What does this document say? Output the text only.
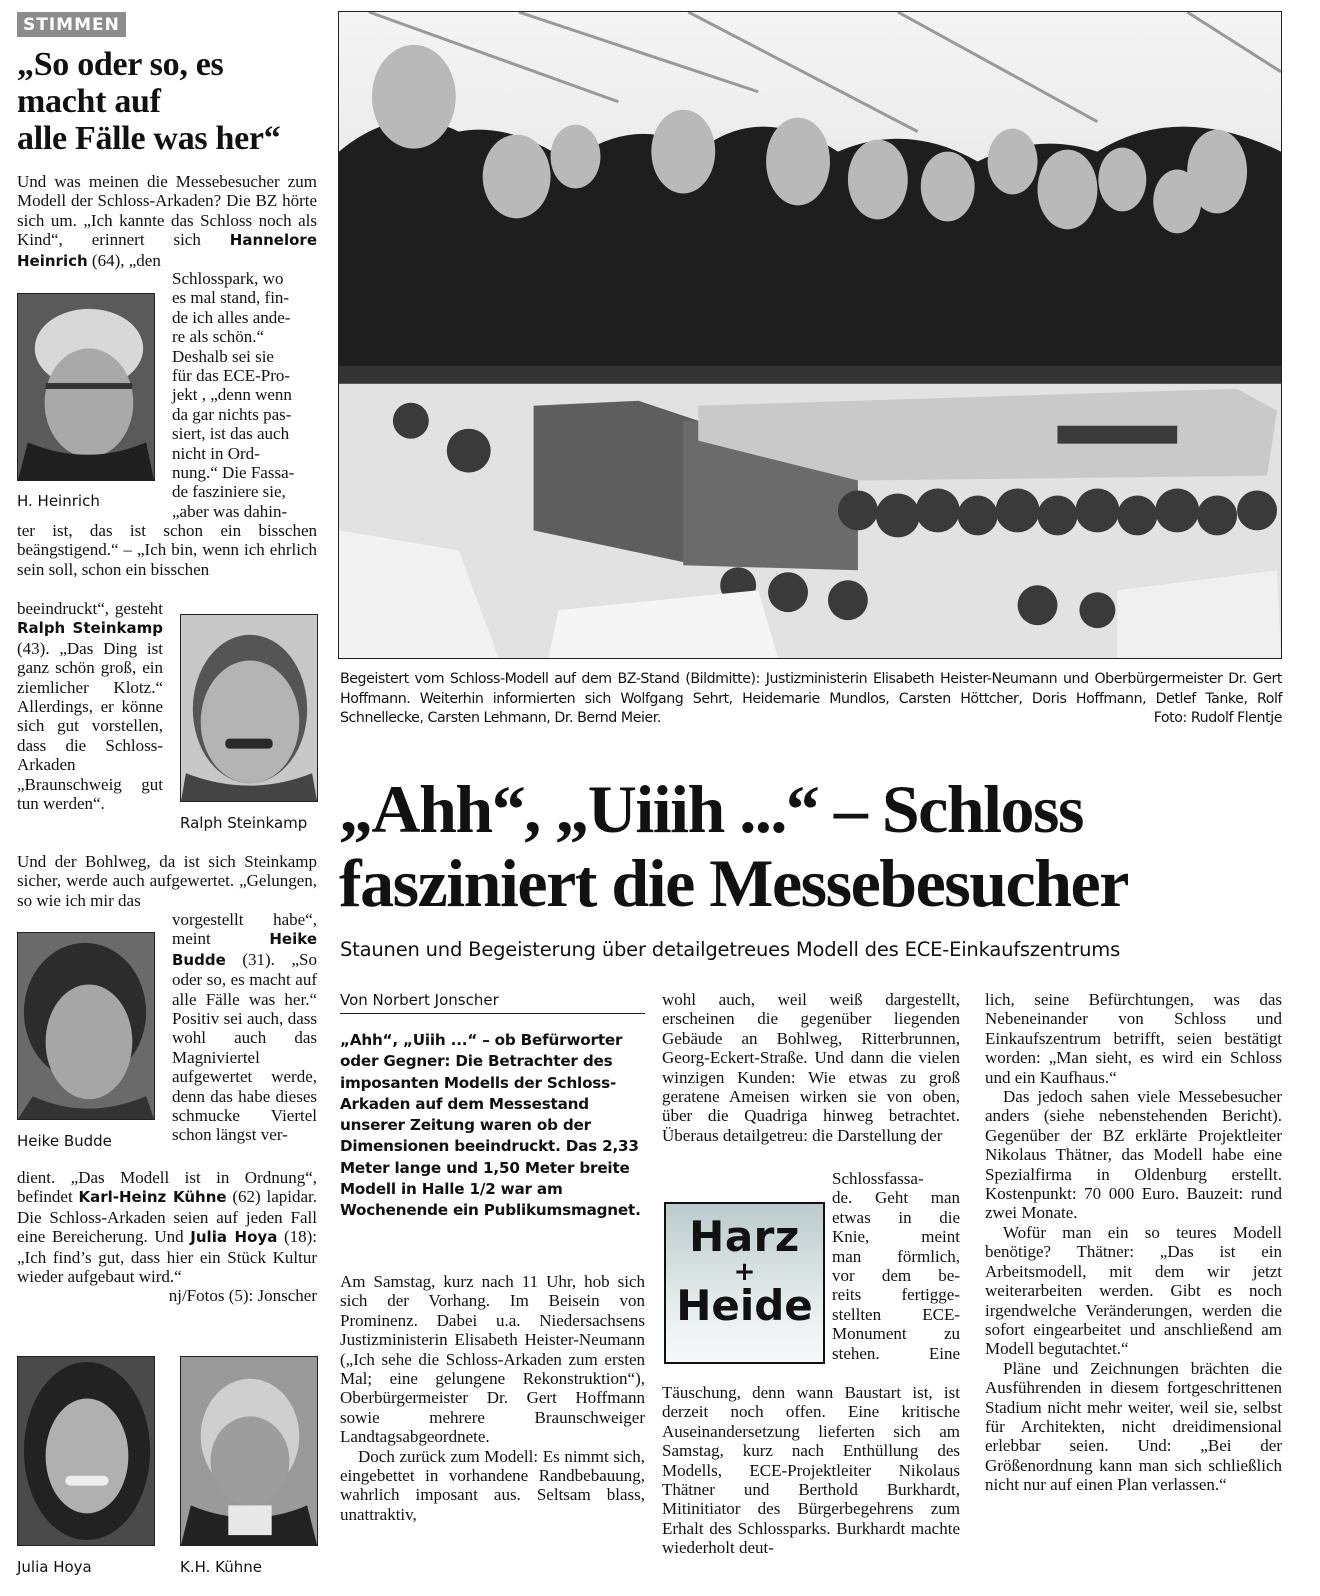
STIMMEN
„So oder so, es
macht auf
alle Fälle was her“
Und was meinen die Messebesucher zum Modell der Schloss-Arkaden? Die BZ hörte sich um. „Ich kannte das Schloss noch als Kind“, erinnert sich Hannelore Heinrich (64), „den
H. Heinrich
Schlosspark, wo
es mal stand, fin-
de ich alles ande-
re als schön.“
Deshalb sei sie
für das ECE-Pro-
jekt , „denn wenn
da gar nichts pas-
siert, ist das auch
nicht in Ord-
nung.“ Die Fassa-
de fasziniere sie,
„aber was dahin-
ter ist, das ist schon ein bisschen beängstigend.“ – „Ich bin, wenn ich ehrlich sein soll, schon ein bisschen
beeindruckt“, gesteht Ralph Steinkamp (43). „Das Ding ist ganz schön groß, ein ziemlicher Klotz.“ Allerdings, er könne sich gut vorstellen, dass die Schloss-Arkaden „Braunschweig gut tun werden“.
Ralph Steinkamp
Und der Bohlweg, da ist sich Steinkamp sicher, werde auch aufgewertet. „Gelungen, so wie ich mir das
Heike Budde
vorgestellt habe“, meint Heike Budde (31). „So oder so, es macht auf alle Fälle was her.“ Positiv sei auch, dass wohl auch das Magniviertel aufgewertet werde, denn das habe dieses schmucke Viertel schon längst ver-
dient. „Das Modell ist in Ordnung“, befindet Karl-Heinz Kühne (62) lapidar. Die Schloss-Arkaden seien auf jeden Fall eine Bereicherung. Und Julia Hoya (18): „Ich find’s gut, dass hier ein Stück Kultur wieder aufgebaut wird.“
nj/Fotos (5): Jonscher
Julia Hoya	K.H. Kühne
Begeistert vom Schloss-Modell auf dem BZ-Stand (Bildmitte): Justizministerin Elisabeth Heister-Neumann und Oberbürgermeister Dr. Gert Hoffmann. Weiterhin informierten sich Wolfgang Sehrt, Heidemarie Mundlos, Carsten Höttcher, Doris Hoffmann, Detlef Tanke, Rolf Schnellecke, Carsten Lehmann, Dr. Bernd Meier.	Foto: Rudolf Flentje
„Ahh“, „Uiiih ...“ – Schloss
fasziniert die Messebesucher
Staunen und Begeisterung über detailgetreues Modell des ECE-Einkaufszentrums
Von Norbert Jonscher
„Ahh“, „Uiih ...“ – ob Befürworter oder Gegner: Die Betrachter des imposanten Modells der Schloss-Arkaden auf dem Messestand unserer Zeitung waren ob der Dimensionen beeindruckt. Das 2,33 Meter lange und 1,50 Meter breite Modell in Halle 1/2 war am Wochenende ein Publikumsmagnet.

Am Samstag, kurz nach 11 Uhr, hob sich sich der Vorhang. Im Beisein von Prominenz. Dabei u.a. Niedersachsens Justizministerin Elisabeth Heister-Neumann („Ich sehe die Schloss-Arkaden zum ersten Mal; eine gelungene Rekonstruktion“), Oberbürgermeister Dr. Gert Hoffmann sowie mehrere Braunschweiger Landtagsabgeordnete.

Doch zurück zum Modell: Es nimmt sich, eingebettet in vorhandene Randbebauung, wahrlich imposant aus. Seltsam blass, unattraktiv,

wohl auch, weil weiß dargestellt, erscheinen die gegenüber liegenden Gebäude an Bohlweg, Ritterbrunnen, Georg-Eckert-Straße. Und dann die vielen winzigen Kunden: Wie etwas zu groß geratene Ameisen wirken sie von oben, über die Quadriga hinweg betrachtet. Überaus detailgetreu: die Darstellung der
Harz
+
Heide
Schlossfassa-
de. Geht man
etwas in die
Knie, meint
man förmlich,
vor dem be-
reits fertigge-
stellten ECE-
Monument zu
stehen. Eine
Täuschung, denn wann Baustart ist, ist derzeit noch offen. Eine kritische Auseinandersetzung lieferten sich am Samstag, kurz nach Enthüllung des Modells, ECE-Projektleiter Nikolaus Thätner und Berthold Burkhardt, Mitinitiator des Bürgerbegehrens zum Erhalt des Schlossparks. Burkhardt machte wiederholt deut-

lich, seine Befürchtungen, was das Nebeneinander von Schloss und Einkaufszentrum betrifft, seien bestätigt worden: „Man sieht, es wird ein Schloss und ein Kaufhaus.“

Das jedoch sahen viele Messebesucher anders (siehe nebenstehenden Bericht). Gegenüber der BZ erklärte Projektleiter Nikolaus Thätner, das Modell habe eine Spezialfirma in Oldenburg erstellt. Kostenpunkt: 70 000 Euro. Bauzeit: rund zwei Monate.

Wofür man ein so teures Modell benötige? Thätner: „Das ist ein Arbeitsmodell, mit dem wir jetzt weiterarbeiten werden. Gibt es noch irgendwelche Veränderungen, werden die sofort eingearbeitet und anschließend am Modell begutachtet.“

Pläne und Zeichnungen brächten die Ausführenden in diesem fortgeschrittenen Stadium nicht mehr weiter, weil sie, selbst für Architekten, nicht dreidimensional erlebbar seien. Und: „Bei der Größenordnung kann man sich schließlich nicht nur auf einen Plan verlassen.“
